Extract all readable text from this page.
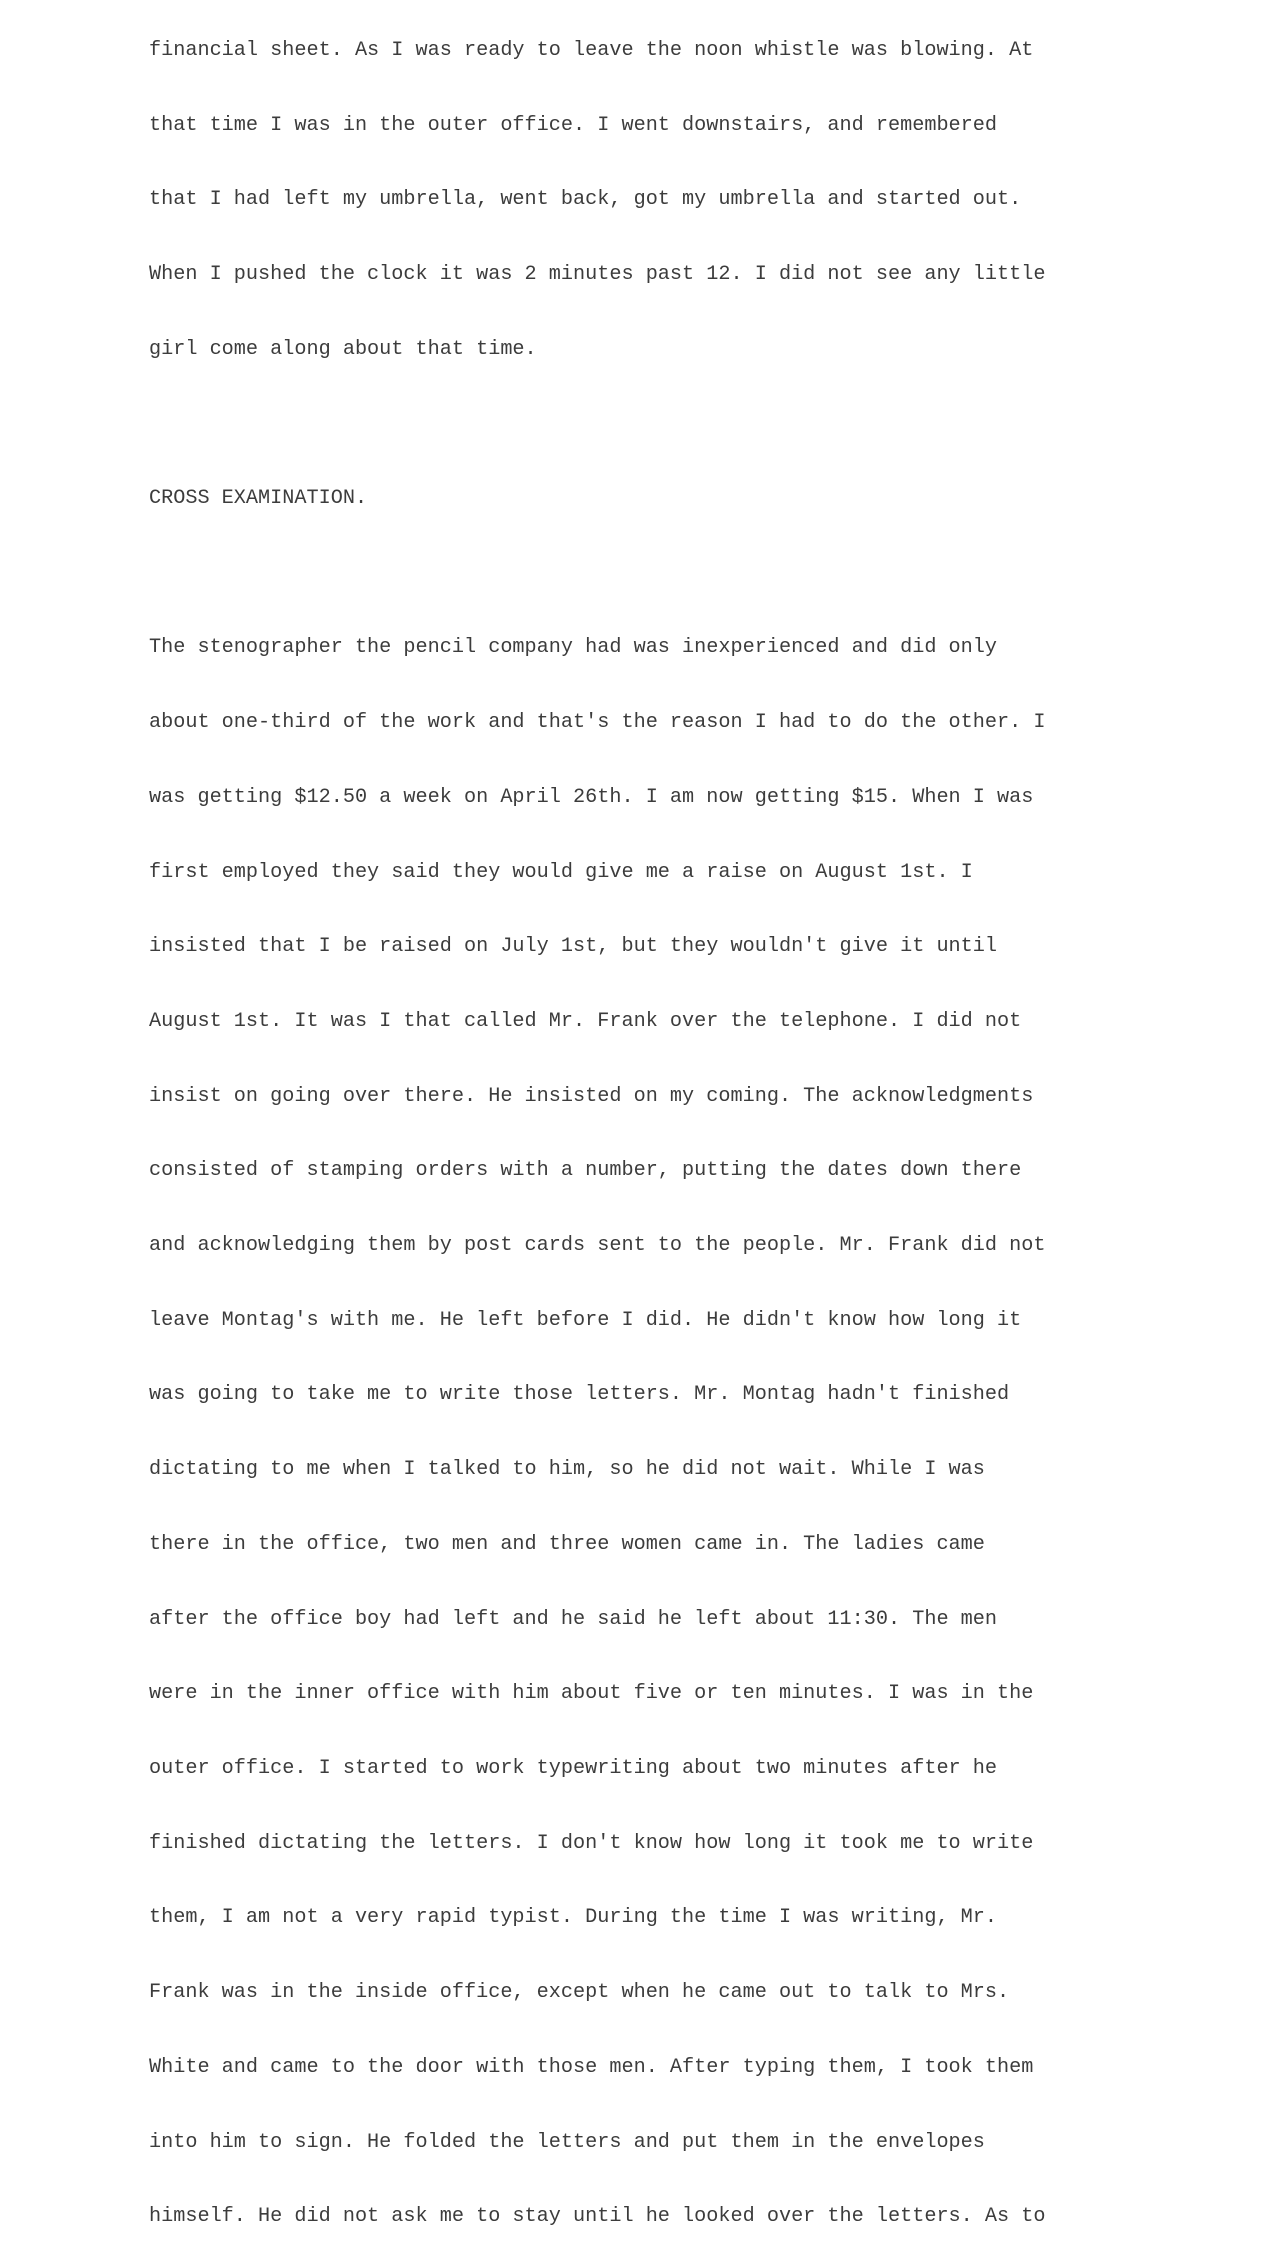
financial sheet. As I was ready to leave the noon whistle was blowing. At

that time I was in the outer office. I went downstairs, and remembered

that I had left my umbrella, went back, got my umbrella and started out.

When I pushed the clock it was 2 minutes past 12. I did not see any little

girl come along about that time.

CROSS EXAMINATION.

The stenographer the pencil company had was inexperienced and did only

about one-third of the work and that's the reason I had to do the other. I

was getting $12.50 a week on April 26th. I am now getting $15. When I was

first employed they said they would give me a raise on August 1st. I

insisted that I be raised on July 1st, but they wouldn't give it until

August 1st. It was I that called Mr. Frank over the telephone. I did not

insist on going over there. He insisted on my coming. The acknowledgments

consisted of stamping orders with a number, putting the dates down there

and acknowledging them by post cards sent to the people. Mr. Frank did not

leave Montag's with me. He left before I did. He didn't know how long it

was going to take me to write those letters. Mr. Montag hadn't finished

dictating to me when I talked to him, so he did not wait. While I was

there in the office, two men and three women came in. The ladies came

after the office boy had left and he said he left about 11:30. The men

were in the inner office with him about five or ten minutes. I was in the

outer office. I started to work typewriting about two minutes after he

finished dictating the letters. I don't know how long it took me to write

them, I am not a very rapid typist. During the time I was writing, Mr.

Frank was in the inside office, except when he came out to talk to Mrs.

White and came to the door with those men. After typing them, I took them

into him to sign. He folded the letters and put them in the envelopes

himself. He did not ask me to stay until he looked over the letters. As to
